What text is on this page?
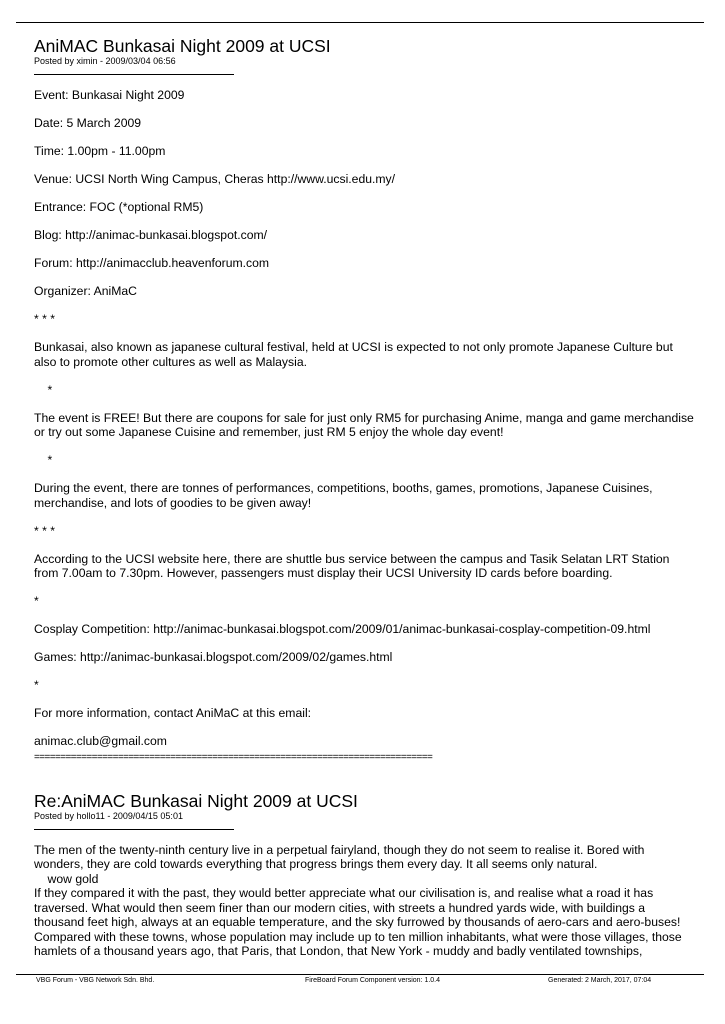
AniMAC Bunkasai Night 2009 at UCSI
Posted by ximin - 2009/03/04 06:56

Event: Bunkasai Night 2009

Date: 5 March 2009

Time: 1.00pm - 11.00pm

Venue: UCSI North Wing Campus, Cheras http://www.ucsi.edu.my/

Entrance: FOC (*optional RM5)

Blog: http://animac-bunkasai.blogspot.com/

Forum: http://animacclub.heavenforum.com

Organizer: AniMaC

* * *

Bunkasai, also known as japanese cultural festival, held at UCSI is expected to not only promote Japanese Culture but also to promote other cultures as well as Malaysia.

*

The event is FREE! But there are coupons for sale for just only RM5 for purchasing Anime, manga and game merchandise or try out some Japanese Cuisine and remember, just RM 5 enjoy the whole day event!

*

During the event, there are tonnes of performances, competitions, booths, games, promotions, Japanese Cuisines, merchandise, and lots of goodies to be given away!

* * *

According to the UCSI website here, there are shuttle bus service between the campus and Tasik Selatan LRT Station from 7.00am to 7.30pm. However, passengers must display their UCSI University ID cards before boarding.

*

Cosplay Competition: http://animac-bunkasai.blogspot.com/2009/01/animac-bunkasai-cosplay-competition-09.html

Games: http://animac-bunkasai.blogspot.com/2009/02/games.html

*

For more information, contact AniMaC at this email:

animac.club@gmail.com

============================================================================

Re:AniMAC Bunkasai Night 2009 at UCSI
Posted by hollo11 - 2009/04/15 05:01

The men of the twenty-ninth century live in a perpetual fairyland, though they do not seem to realise it. Bored with wonders, they are cold towards everything that progress brings them every day. It all seems only natural.
wow gold
If they compared it with the past, they would better appreciate what our civilisation is, and realise what a road it has traversed. What would then seem finer than our modern cities, with streets a hundred yards wide, with buildings a thousand feet high, always at an equable temperature, and the sky furrowed by thousands of aero-cars and aero-buses! Compared with these towns, whose population may include up to ten million inhabitants, what were those villages, those hamlets of a thousand years ago, that Paris, that London, that New York - muddy and badly ventilated townships,

VBG Forum - VBG Network Sdn. Bhd.	FireBoard Forum Component version: 1.0.4	Generated: 2 March, 2017, 07:04
